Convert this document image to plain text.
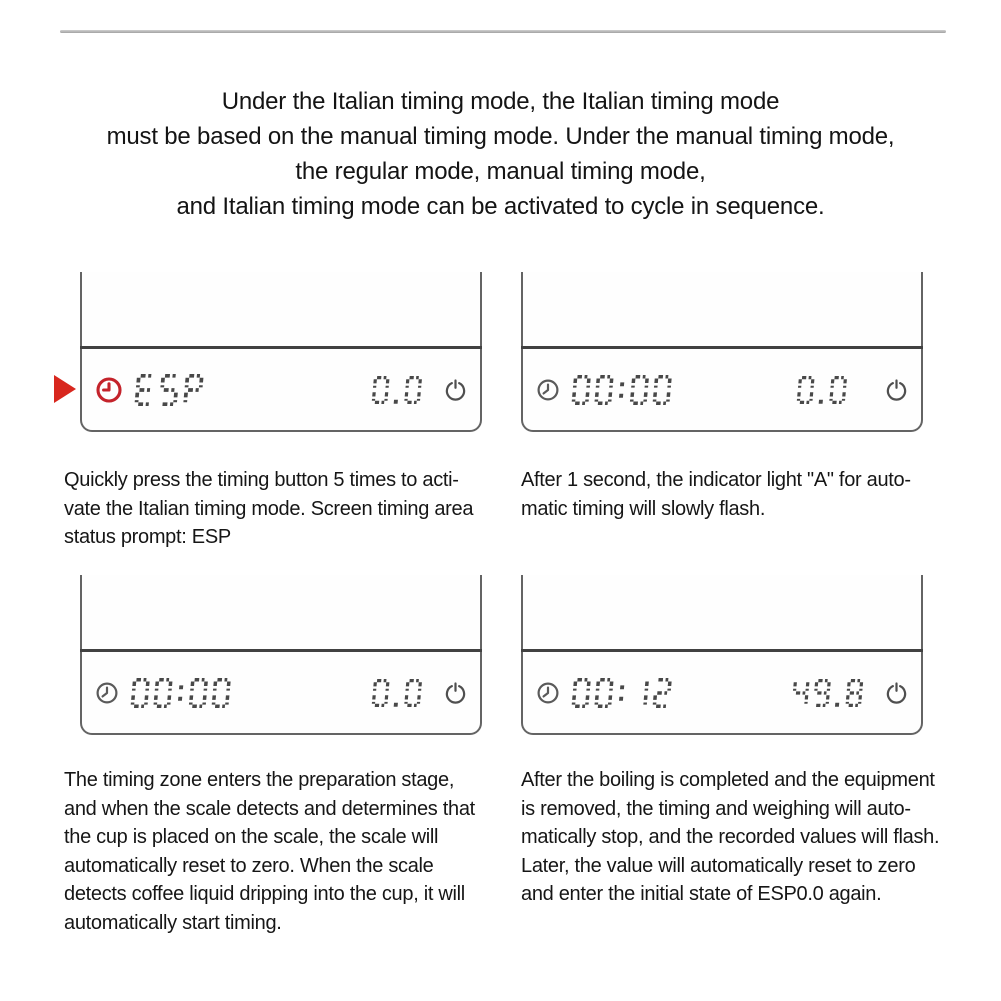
Under the Italian timing mode, the Italian timing mode
must be based on the manual timing mode. Under the manual timing mode,
the regular mode, manual timing mode,
and Italian timing mode can be activated to cycle in sequence.
Quickly press the timing button 5 times to acti-
vate the Italian timing mode. Screen timing area
status prompt: ESP
After 1 second, the indicator light "A" for auto-
matic timing will slowly flash.
The timing zone enters the preparation stage,
and when the scale detects and determines that
the cup is placed on the scale, the scale will
automatically reset to zero. When the scale
detects coffee liquid dripping into the cup, it will
automatically start timing.
After the boiling is completed and the equipment
is removed, the timing and weighing will auto-
matically stop, and the recorded values will flash.
Later, the value will automatically reset to zero
and enter the initial state of ESP0.0 again.
